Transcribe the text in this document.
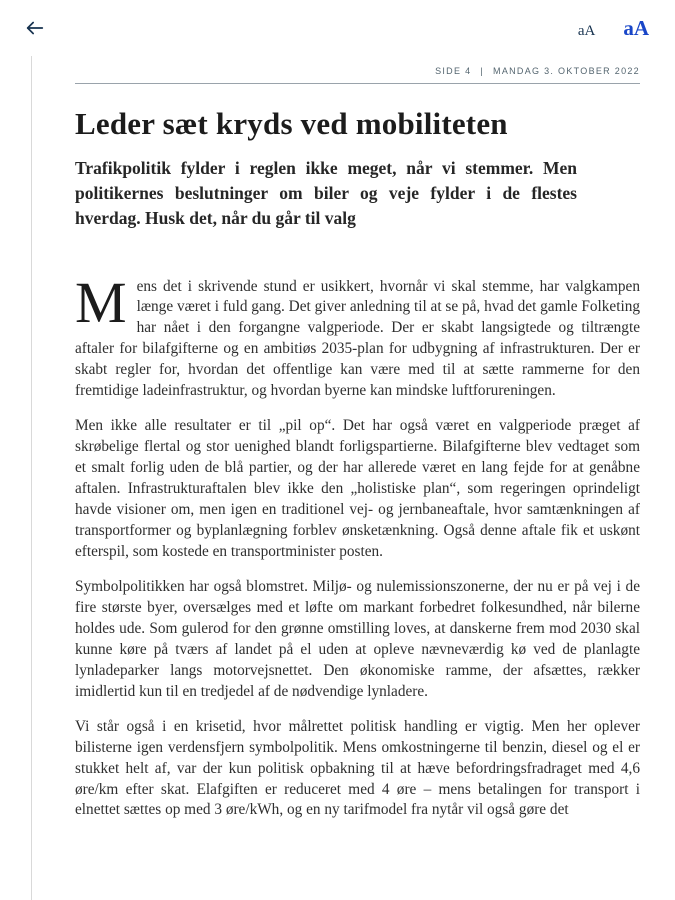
aA aA
SIDE 4 | MANDAG 3. OKTOBER 2022
Leder sæt kryds ved mobiliteten

Trafikpolitik fylder i reglen ikke meget, når vi stemmer. Men politikernes beslutninger om biler og veje fylder i de flestes hverdag. Husk det, når du går til valg

Mens det i skrivende stund er usikkert, hvornår vi skal stemme, har valgkampen længe været i fuld gang. Det giver anledning til at se på, hvad det gamle Folketing har nået i den forgangne valgperiode. Der er skabt langsigtede og tiltrængte aftaler for bilafgifterne og en ambitiøs 2035-plan for udbygning af infrastrukturen. Der er skabt regler for, hvordan det offentlige kan være med til at sætte rammerne for den fremtidige ladeinfrastruktur, og hvordan byerne kan mindske luftforureningen.

Men ikke alle resultater er til „pil op“. Det har også været en valgperiode præget af skrøbelige flertal og stor uenighed blandt forligspartierne. Bilafgifterne blev vedtaget som et smalt forlig uden de blå partier, og der har allerede været en lang fejde for at genåbne aftalen. Infrastrukturaftalen blev ikke den „holistiske plan“, som regeringen oprindeligt havde visioner om, men igen en traditionel vej- og jernbaneaftale, hvor samtænkningen af transportformer og byplanlægning forblev ønsketænkning. Også denne aftale fik et uskønt efterspil, som kostede en transportminister posten.

Symbolpolitikken har også blomstret. Miljø- og nulemissionszonerne, der nu er på vej i de fire største byer, oversælges med et løfte om markant forbedret folkesundhed, når bilerne holdes ude. Som gulerod for den grønne omstilling loves, at danskerne frem mod 2030 skal kunne køre på tværs af landet på el uden at opleve nævneværdig kø ved de planlagte lynladeparker langs motorvejsnettet. Den økonomiske ramme, der afsættes, rækker imidlertid kun til en tredjedel af de nødvendige lynladere.

Vi står også i en krisetid, hvor målrettet politisk handling er vigtig. Men her oplever bilisterne igen verdensfjern symbolpolitik. Mens omkostningerne til benzin, diesel og el er stukket helt af, var der kun politisk opbakning til at hæve befordringsfradraget med 4,6 øre/km efter skat. Elafgiften er reduceret med 4 øre – mens betalingen for transport i elnettet sættes op med 3 øre/kWh, og en ny tarifmodel fra nytår vil også gøre det
